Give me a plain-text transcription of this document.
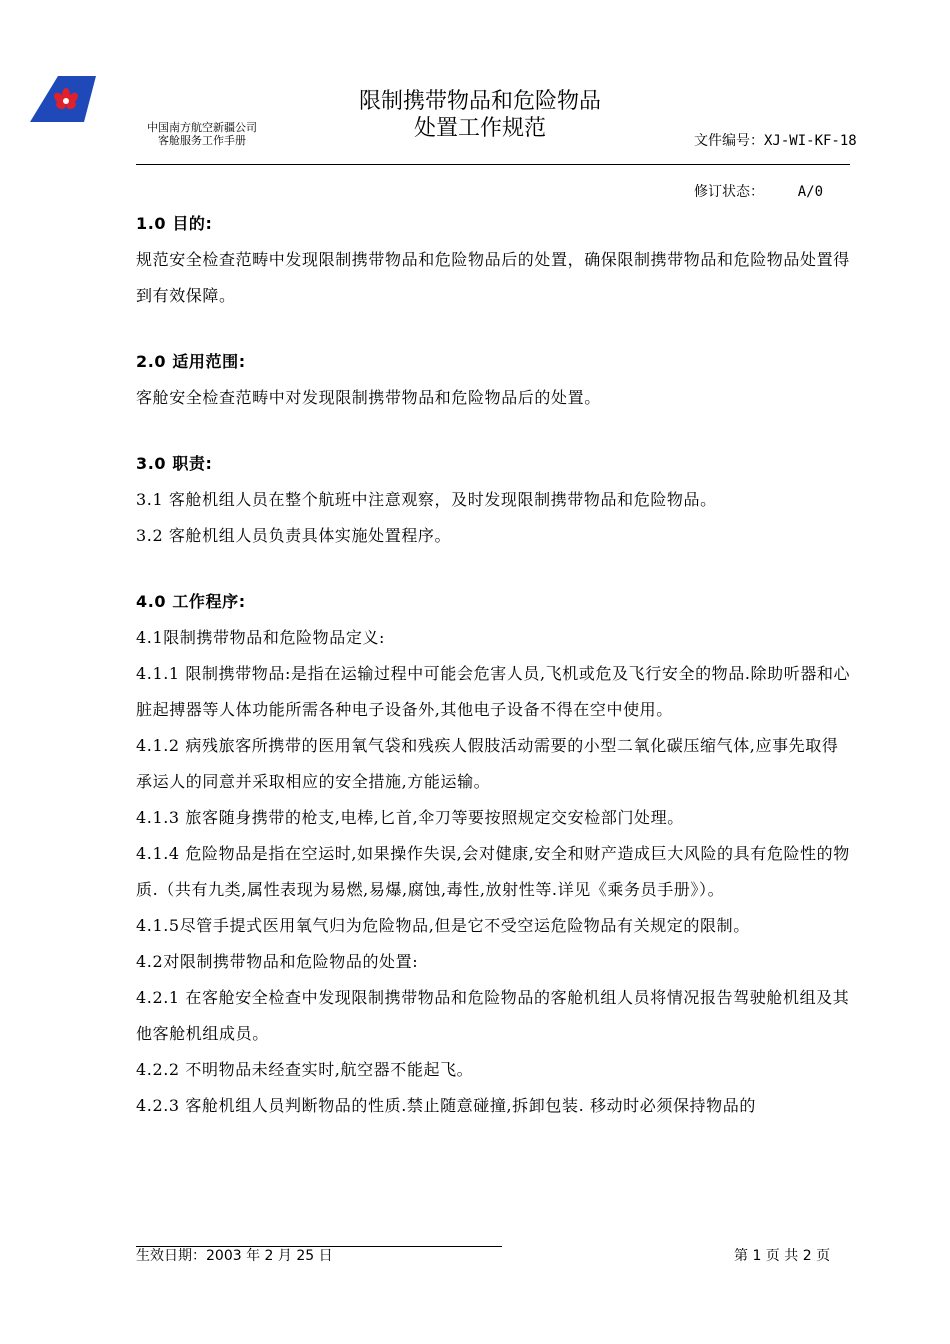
中国南方航空新疆公司
客舱服务工作手册
限制携带物品和危险物品
处置工作规范

	文件编号：XJ-WI-KF-18

修订状态：    A/0

1.0 目的:

规范安全检查范畴中发现限制携带物品和危险物品后的处置，确保限制携带物品和危险物品处置得到有效保障。

2.0 适用范围:

客舱安全检查范畴中对发现限制携带物品和危险物品后的处置。

3.0 职责:

3.1 客舱机组人员在整个航班中注意观察，及时发现限制携带物品和危险物品。

3.2 客舱机组人员负责具体实施处置程序。

4.0 工作程序:

4.1限制携带物品和危险物品定义:

4.1.1 限制携带物品:是指在运输过程中可能会危害人员,飞机或危及飞行安全的物品.除助听器和心脏起搏器等人体功能所需各种电子设备外,其他电子设备不得在空中使用。

4.1.2 病残旅客所携带的医用氧气袋和残疾人假肢活动需要的小型二氧化碳压缩气体,应事先取得承运人的同意并采取相应的安全措施,方能运输。

4.1.3 旅客随身携带的枪支,电棒,匕首,伞刀等要按照规定交安检部门处理。

4.1.4 危险物品是指在空运时,如果操作失误,会对健康,安全和财产造成巨大风险的具有危险性的物质.（共有九类,属性表现为易燃,易爆,腐蚀,毒性,放射性等.详见《乘务员手册》）。

4.1.5尽管手提式医用氧气归为危险物品,但是它不受空运危险物品有关规定的限制。

4.2对限制携带物品和危险物品的处置:

4.2.1 在客舱安全检查中发现限制携带物品和危险物品的客舱机组人员将情况报告驾驶舱机组及其他客舱机组成员。

4.2.2 不明物品未经查实时,航空器不能起飞。

4.2.3 客舱机组人员判断物品的性质.禁止随意碰撞,拆卸包装. 移动时必须保持物品的

生效日期：2003 年 2 月 25 日	第 1 页 共 2 页
